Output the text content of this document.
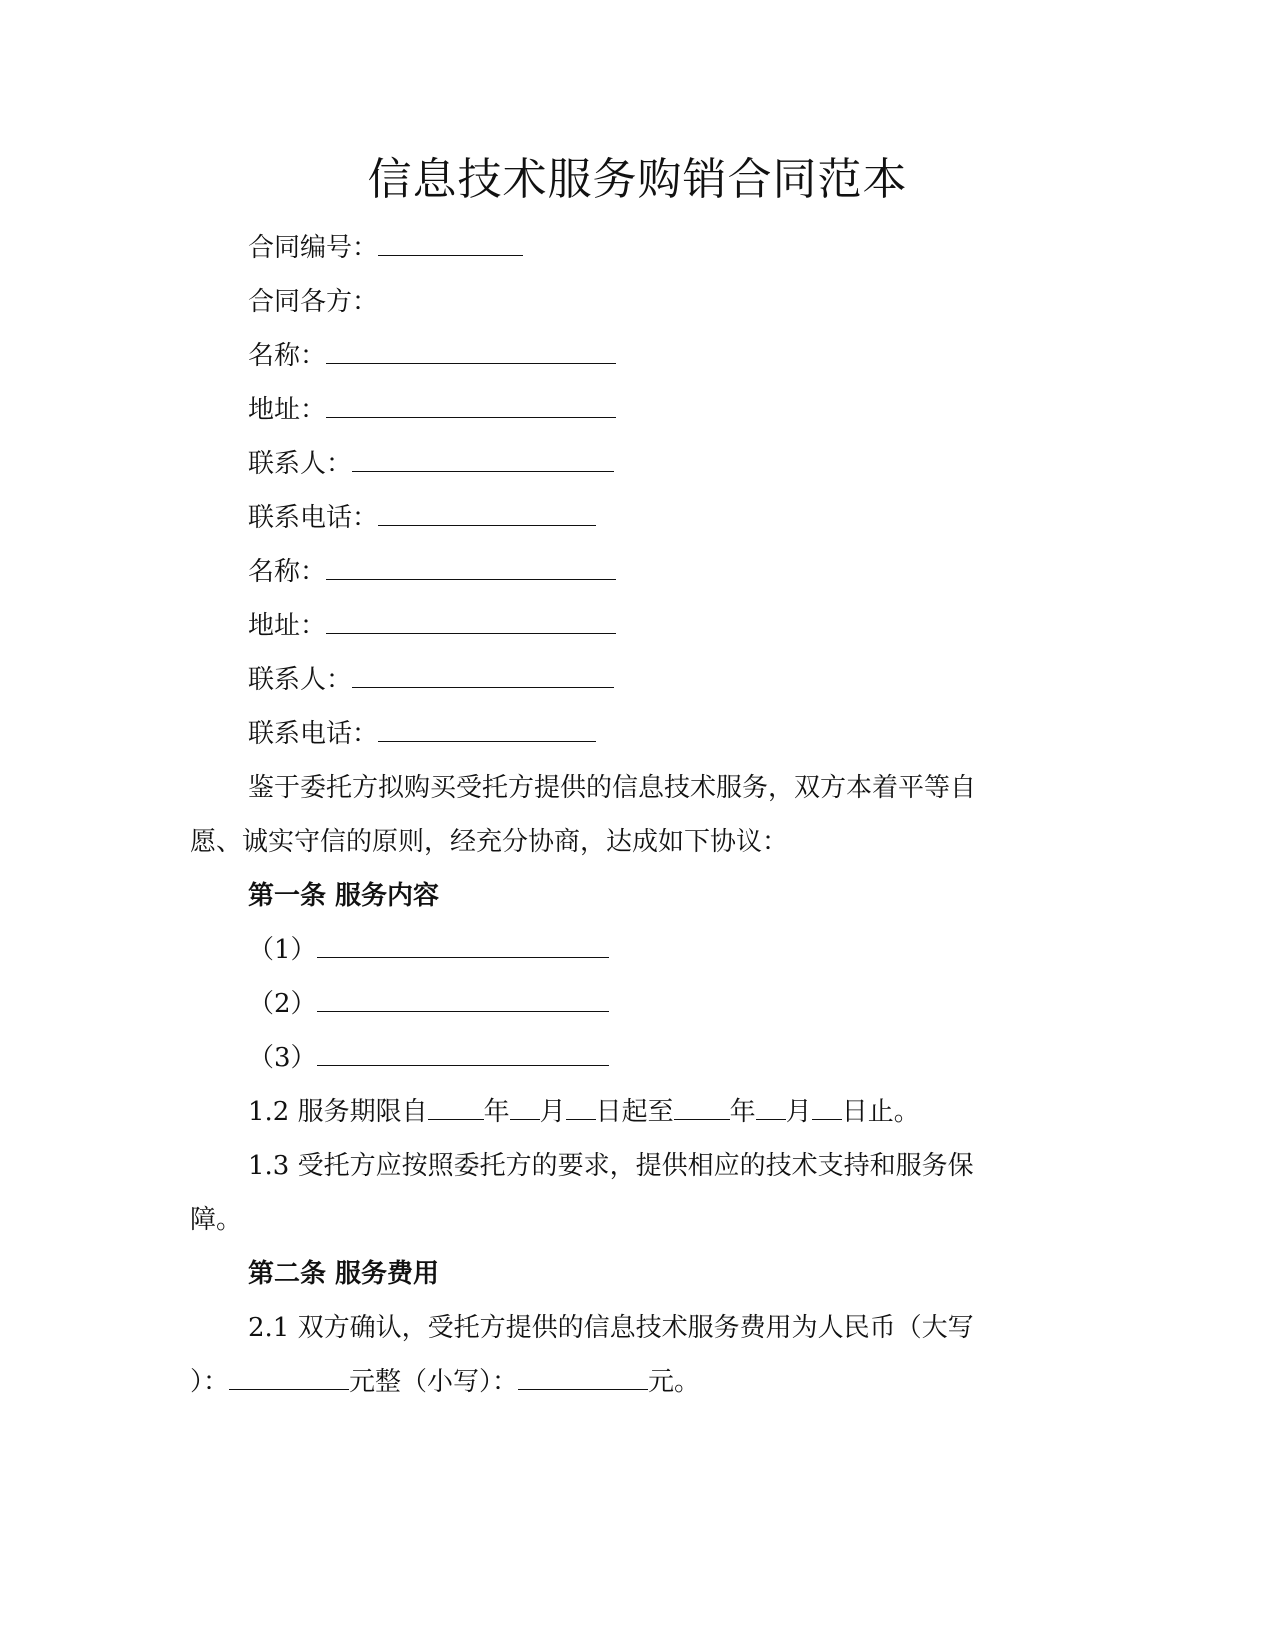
信息技术服务购销合同范本
合同编号：
合同各方：
名称：
地址：
联系人：
联系电话：
名称：
地址：
联系人：
联系电话：
鉴于委托方拟购买受托方提供的信息技术服务，双方本着平等自
愿、诚实守信的原则，经充分协商，达成如下协议：
第一条 服务内容
（1）
（2）
（3）
1.2 服务期限自 年 月 日起至 年 月 日止。
1.3 受托方应按照委托方的要求，提供相应的技术支持和服务保
障。
第二条 服务费用
2.1 双方确认，受托方提供的信息技术服务费用为人民币（大写
）：	元整（小写）：	元。
